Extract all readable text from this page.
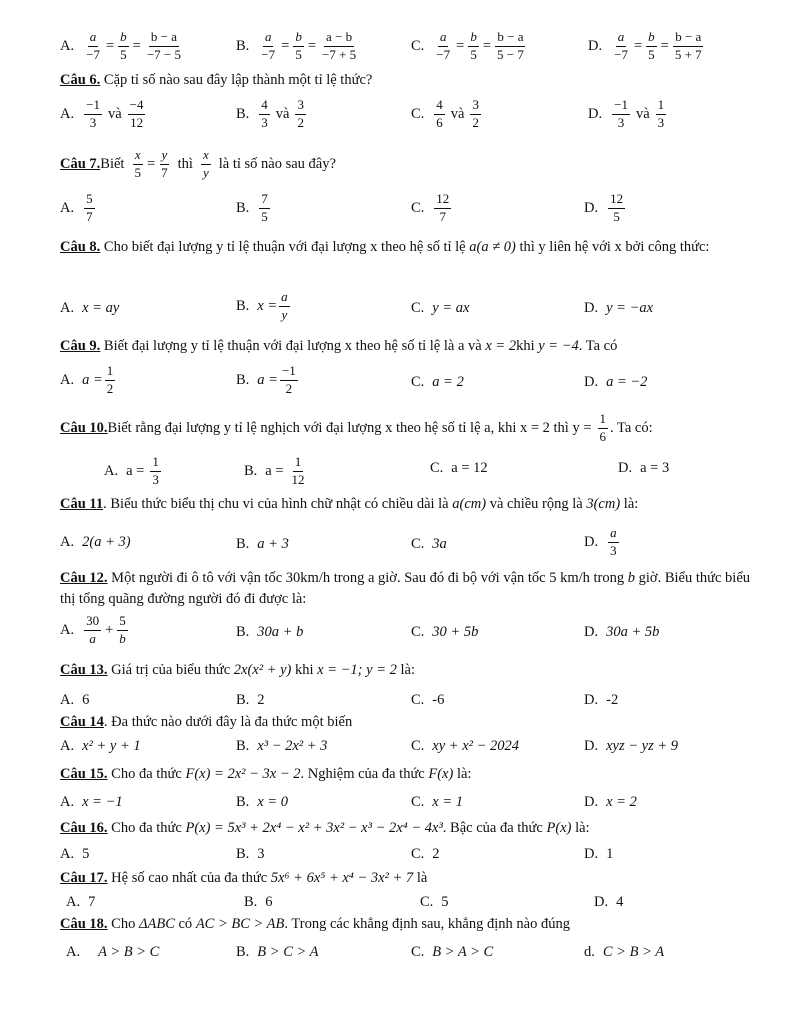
A. $\frac{a}{-7} = \frac{b}{5} = \frac{b - a}{-7 - 5}$	B. $\frac{a}{-7} = \frac{b}{5} = \frac{a - b}{-7 + 5}$	C. $\frac{a}{-7} = \frac{b}{5} = \frac{b - a}{5 - 7}$	D. $\frac{a}{-7} = \frac{b}{5} = \frac{b - a}{5 + 7}$
Câu 6. Cặp tỉ số nào sau đây lập thành một tỉ lệ thức?
A. $\frac{-1}{3}$ và $\frac{-4}{12}$	B. $\frac{4}{3}$ và $\frac{3}{2}$	C. $\frac{4}{6}$ và $\frac{3}{2}$	D. $\frac{-1}{3}$ và $\frac{1}{3}$
Câu 7. Biết $\frac{x}{5} = \frac{y}{7}$ thì $\frac{x}{y}$ là tỉ số nào sau đây?
A. $\frac{5}{7}$	B. $\frac{7}{5}$	C. $\frac{12}{7}$	D. $\frac{12}{5}$
Câu 8. Cho biết đại lượng y tỉ lệ thuận với đại lượng x theo hệ số tỉ lệ a(a ≠ 0) thì y liên hệ với x bởi công thức:
A. x = ay	B. $x = \frac{a}{y}$	C. y = ax	D. y = −ax
Câu 9. Biết đại lượng y tỉ lệ thuận với đại lượng x theo hệ số tỉ lệ là a và x = 2khi y = −4. Ta có
A. $a = \frac{1}{2}$	B. $a = \frac{-1}{2}$	C. a = 2	D. a = −2
Câu 10. Biết rằng đại lượng y tỉ lệ nghịch với đại lượng x theo hệ số tỉ lệ a, khi x = 2 thì $y = \frac{1}{6}$ . Ta có:
A. $a = \frac{1}{3}$	B. $a = \frac{1}{12}$	C. a = 12	D. a = 3
Câu 11. Biểu thức biểu thị chu vi của hình chữ nhật có chiều dài là a(cm) và chiều rộng là 3(cm) là:
A. 2(a + 3)	B. a + 3	C. 3a	D. $\frac{a}{3}$
Câu 12. Một người đi ô tô với vận tốc 30km/h trong a giờ. Sau đó đi bộ với vận tốc 5 km/h trong b giờ. Biểu thức biểu thị tổng quãng đường người đó đi được là:
A. $\frac{30}{a} + \frac{5}{b}$	B. 30a + b	C. 30 + 5b	D. 30a + 5b
Câu 13. Giá trị của biểu thức 2x(x² + y) khi x = −1; y = 2 là:
A. 6	B. 2	C. -6	D. -2
Câu 14. Đa thức nào dưới đây là đa thức một biến
A. x² + y + 1	B. x³ − 2x² + 3	C. xy + x² − 2024	D. xyz − yz + 9
Câu 15. Cho đa thức F(x) = 2x² − 3x − 2. Nghiệm của đa thức F(x) là:
A. x = −1	B. x = 0	C. x = 1	D. x = 2
Câu 16. Cho đa thức P(x) = 5x³ + 2x⁴ − x² + 3x² − x³ − 2x⁴ − 4x³. Bậc của đa thức P(x) là:
A. 5	B. 3	C. 2	D. 1
Câu 17. Hệ số cao nhất của đa thức 5x⁶ + 6x⁵ + x⁴ − 3x² + 7 là
A. 7	B. 6	C. 5	D. 4
Câu 18. Cho ΔABC có AC > BC > AB. Trong các khẳng định sau, khẳng định nào đúng
A. A > B > C	B. B > C > A	C. B > A > C	d. C > B > A
